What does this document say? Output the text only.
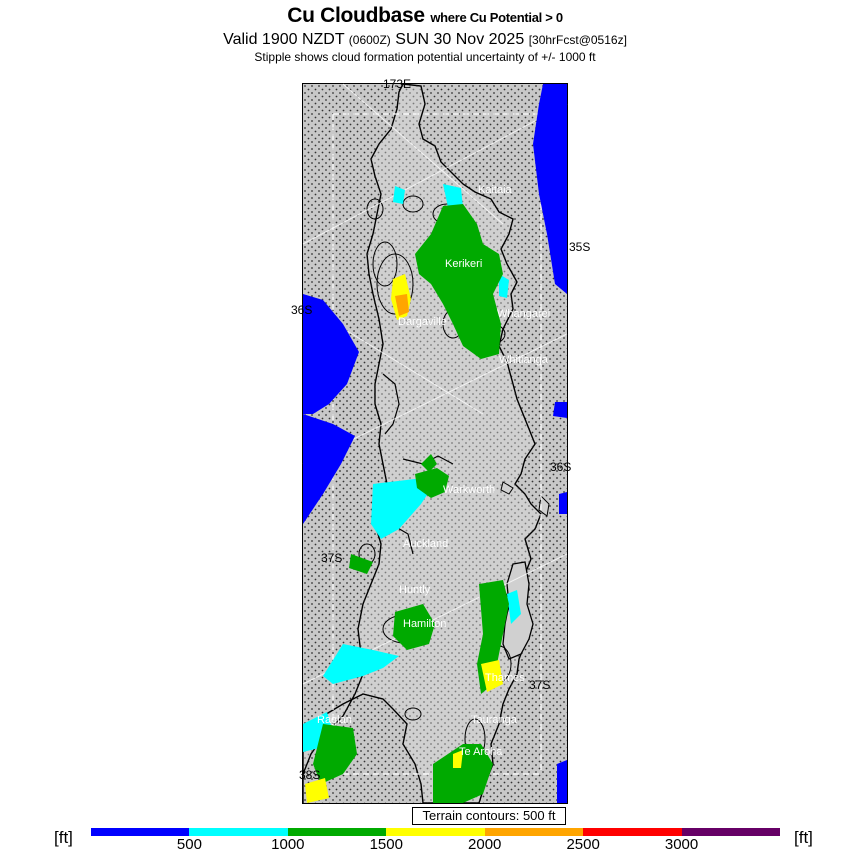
Cu Cloudbase where Cu Potential > 0
Valid 1900 NZDT (0600Z) SUN 30 Nov 2025 [30hrFcst@0516z]
Stipple shows cloud formation potential uncertainty of +/- 1000 ft
173E
35S
36S
36S
37S
37S
38S
Kaitaia
Kerikeri
Dargaville
Whangarei
Warkworth
Auckland
Huntly
Hamilton
Thames
Raglan	Tauranga
Te Aroha
Whitianga
Terrain contours: 500 ft
[ft]	[ft]
500	1000	1500	2000	2500	3000
